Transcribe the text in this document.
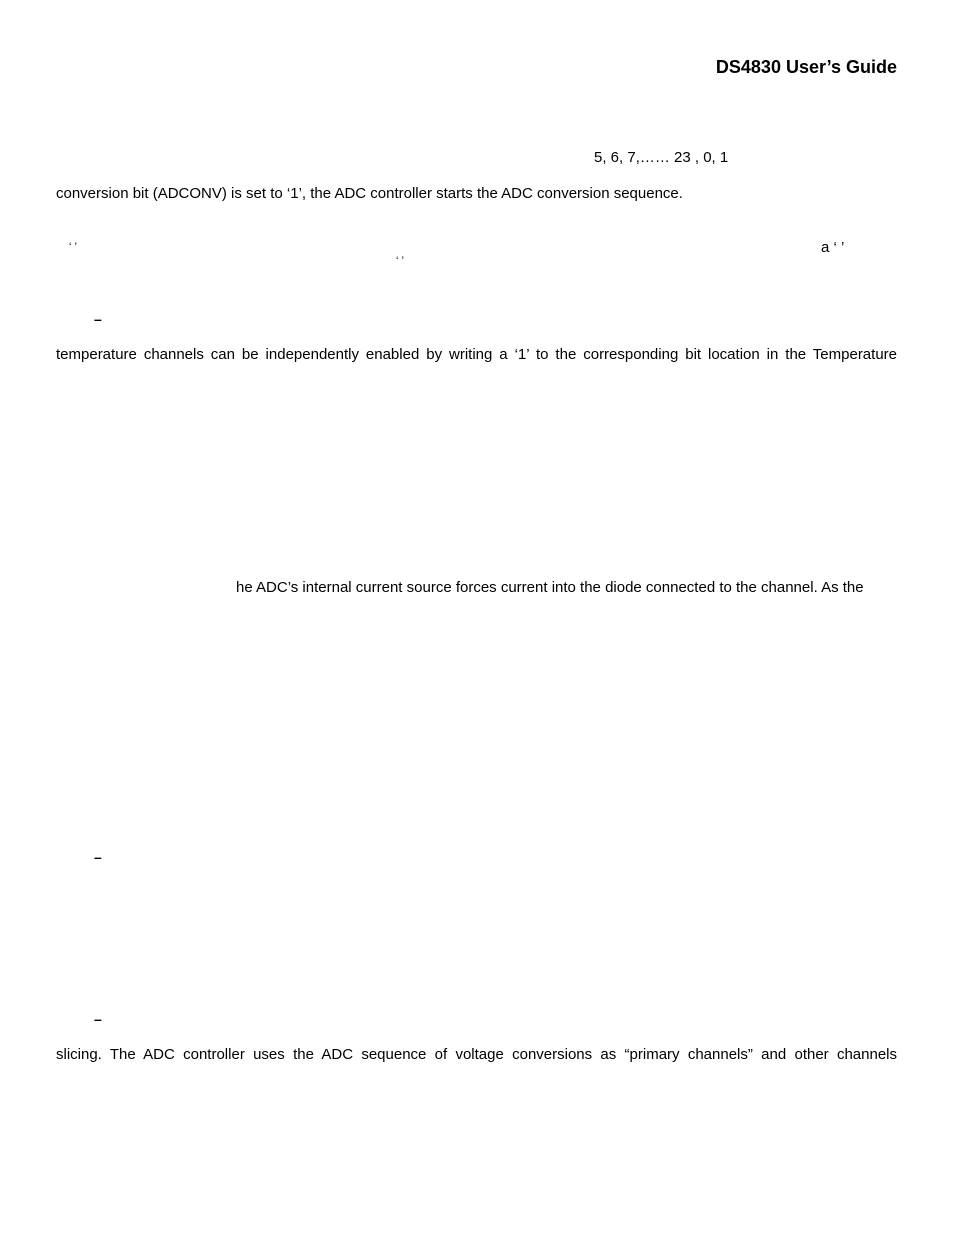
DS4830 User’s Guide
5, 6, 7,…… 23 , 0, 1
conversion bit (ADCONV) is set to ‘1’, the ADC controller starts the ADC conversion sequence.
‘ ’	a ‘ ’
‘ ’
–
temperature channels can be independently enabled by writing a ‘1’ to the corresponding bit location in the Temperature
he ADC’s internal current source forces current into the diode connected to the channel. As the
–
–
slicing. The ADC controller uses the ADC sequence of voltage conversions as “primary channels” and other channels
